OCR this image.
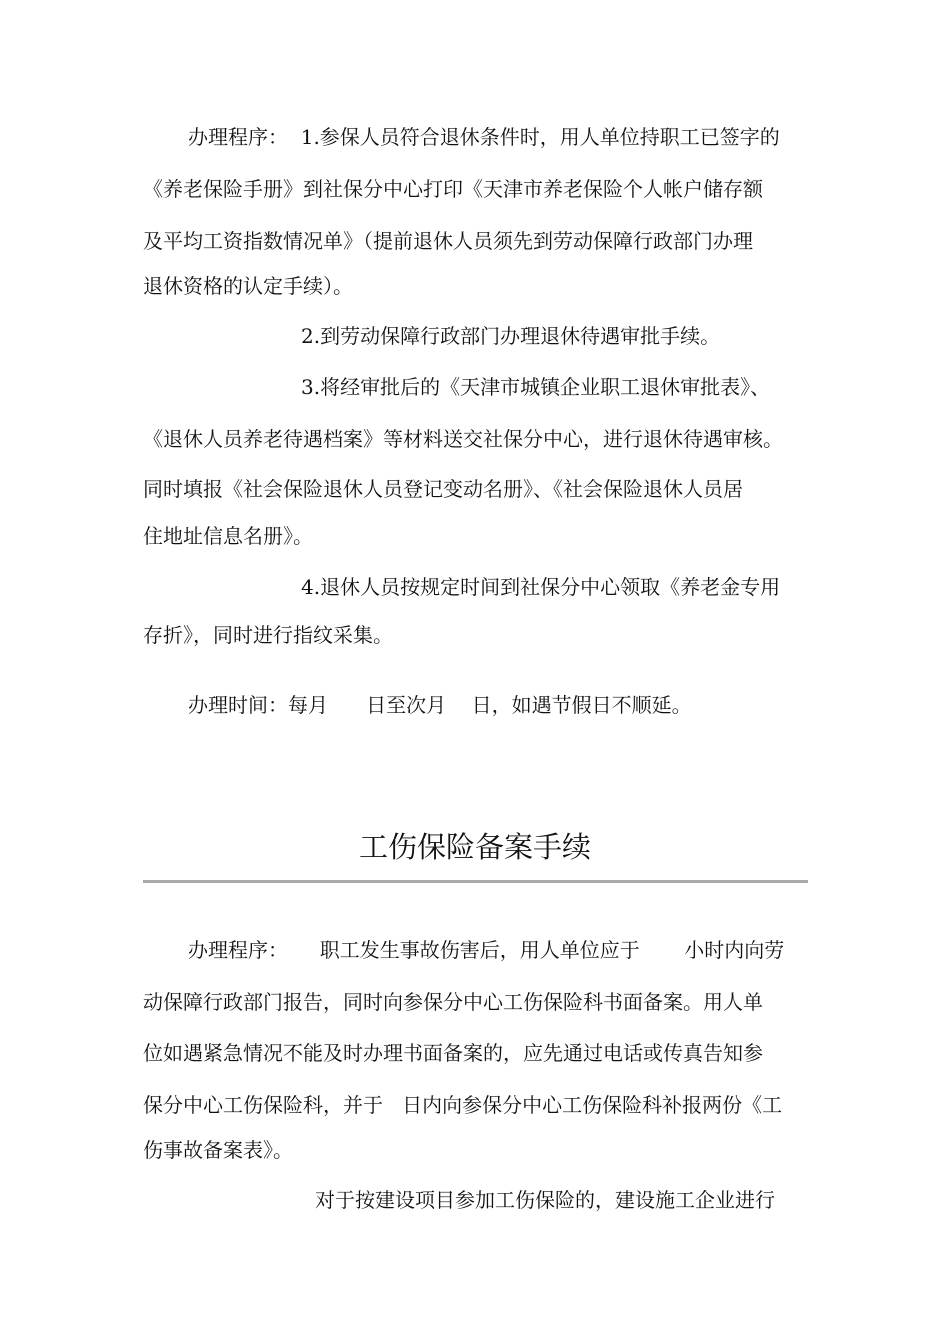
办理程序：  1.参保人员符合退休条件时，用人单位持职工已签字的
《养老保险手册》到社保分中心打印《天津市养老保险个人帐户储存额
及平均工资指数情况单》（提前退休人员须先到劳动保障行政部门办理
退休资格的认定手续）。
2.到劳动保障行政部门办理退休待遇审批手续。
3.将经审批后的《天津市城镇企业职工退休审批表》、
《退休人员养老待遇档案》等材料送交社保分中心，进行退休待遇审核。
同时填报《社会保险退休人员登记变动名册》、《社会保险退休人员居
住地址信息名册》。
4.退休人员按规定时间到社保分中心领取《养老金专用
存折》，同时进行指纹采集。
办理时间：每月      日至次月    日，如遇节假日不顺延。
工伤保险备案手续
办理程序：     职工发生事故伤害后，用人单位应于       小时内向劳
动保障行政部门报告，同时向参保分中心工伤保险科书面备案。用人单
位如遇紧急情况不能及时办理书面备案的，应先通过电话或传真告知参
保分中心工伤保险科，并于   日内向参保分中心工伤保险科补报两份《工
伤事故备案表》。
对于按建设项目参加工伤保险的，建设施工企业进行
